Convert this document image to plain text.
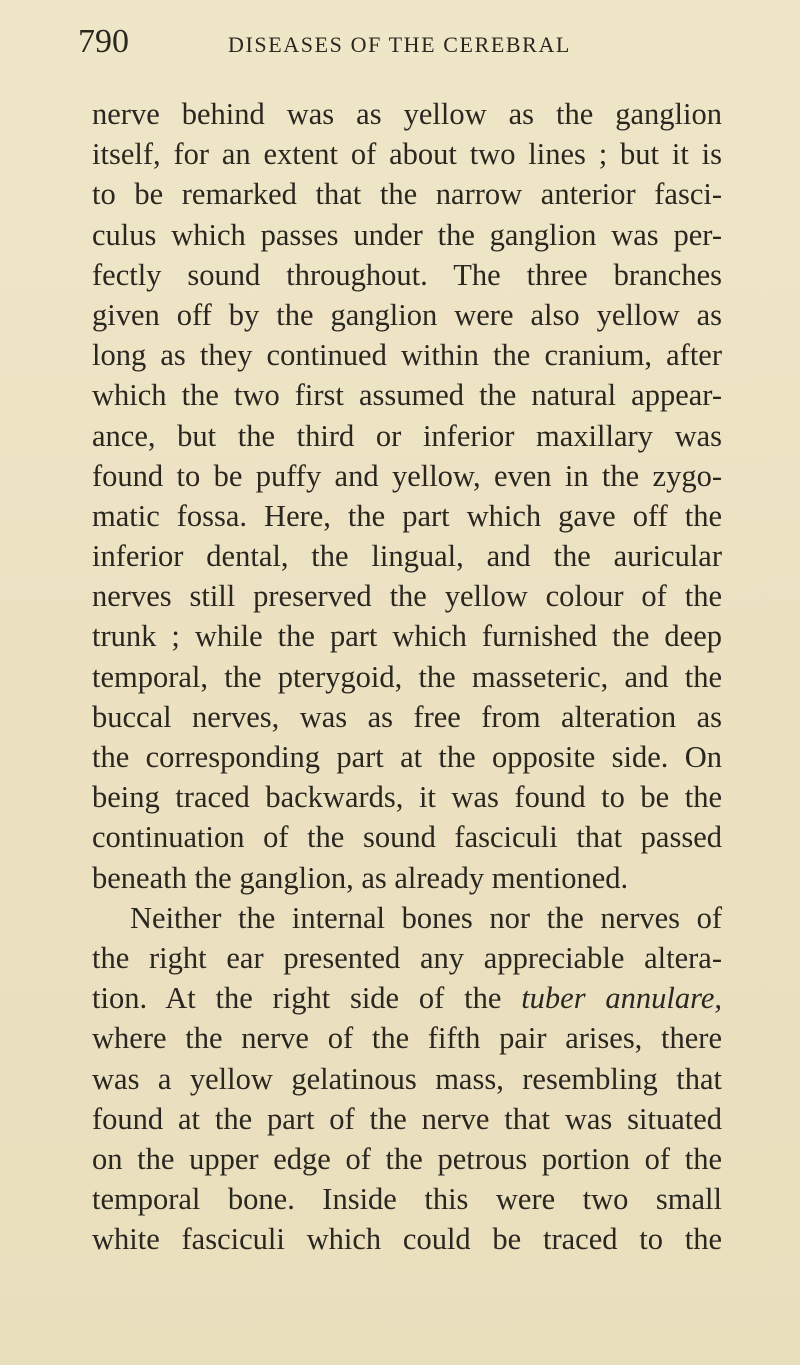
790	DISEASES OF THE CEREBRAL
nerve behind was as yellow as the ganglion
itself, for an extent of about two lines ; but it is
to be remarked that the narrow anterior fasci-
culus which passes under the ganglion was per-
fectly sound throughout. The three branches
given off by the ganglion were also yellow as
long as they continued within the cranium, after
which the two first assumed the natural appear-
ance, but the third or inferior maxillary was
found to be puffy and yellow, even in the zygo-
matic fossa. Here, the part which gave off the
inferior dental, the lingual, and the auricular
nerves still preserved the yellow colour of the
trunk ; while the part which furnished the deep
temporal, the pterygoid, the masseteric, and the
buccal nerves, was as free from alteration as
the corresponding part at the opposite side. On
being traced backwards, it was found to be the
continuation of the sound fasciculi that passed
beneath the ganglion, as already mentioned.
Neither the internal bones nor the nerves of
the right ear presented any appreciable altera-
tion. At the right side of the tuber annulare,
where the nerve of the fifth pair arises, there
was a yellow gelatinous mass, resembling that
found at the part of the nerve that was situated
on the upper edge of the petrous portion of the
temporal bone. Inside this were two small
white fasciculi which could be traced to the
